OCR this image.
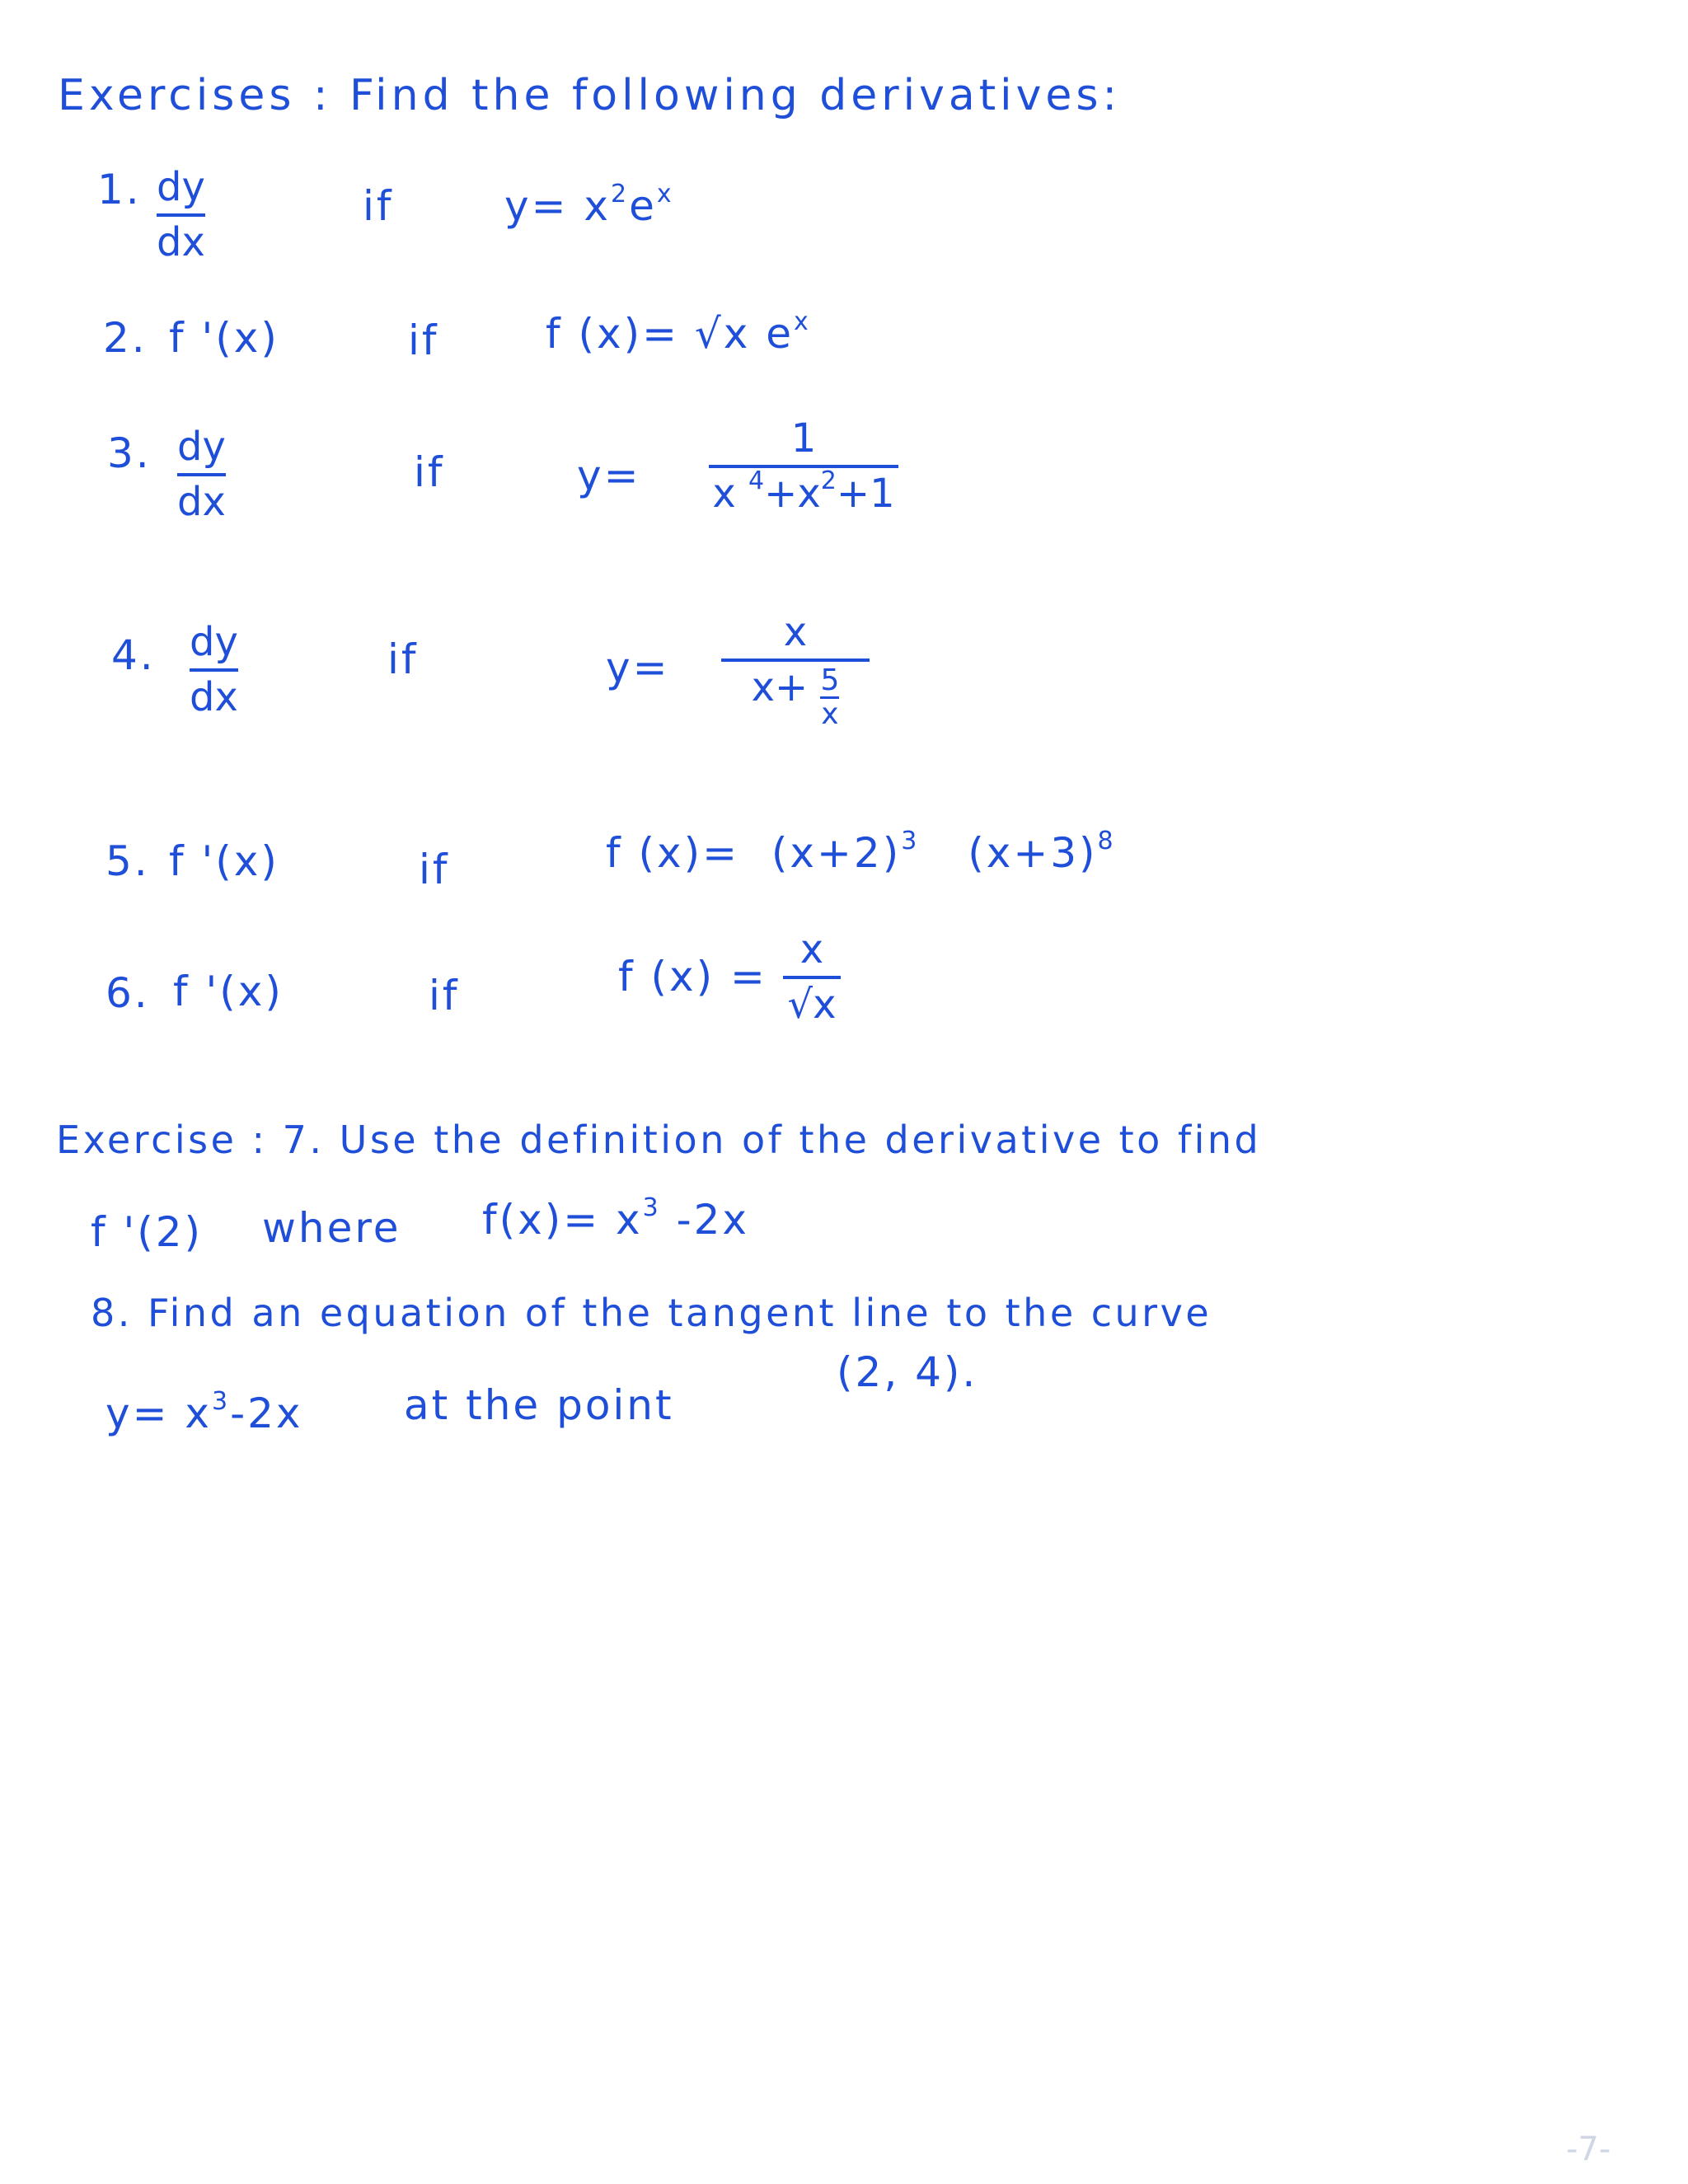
Exercises : Find the following derivatives:
1. dy
dx
if	$y= x^2e^x$
2. f '(x)	if	f (x)= √x $e^x$
3. dy
dx
if	y=
1
x $^4+x^2+1$
4. dy
dx
if	y=
x
$x+ \frac{5}{x}$
5. f '(x)	if	f $(x)= (x+2)^3$ $(x+3)^8$
6. f '(x)	if	f (x) =
x
√x
Exercise : 7. Use the definition of the derivative to find
f '(2) where $f(x)= x^3$ -2x
8. Find an equation of the tangent line to the curve
$y= x^3-2x$ at the point
(2, 4).
-7-
